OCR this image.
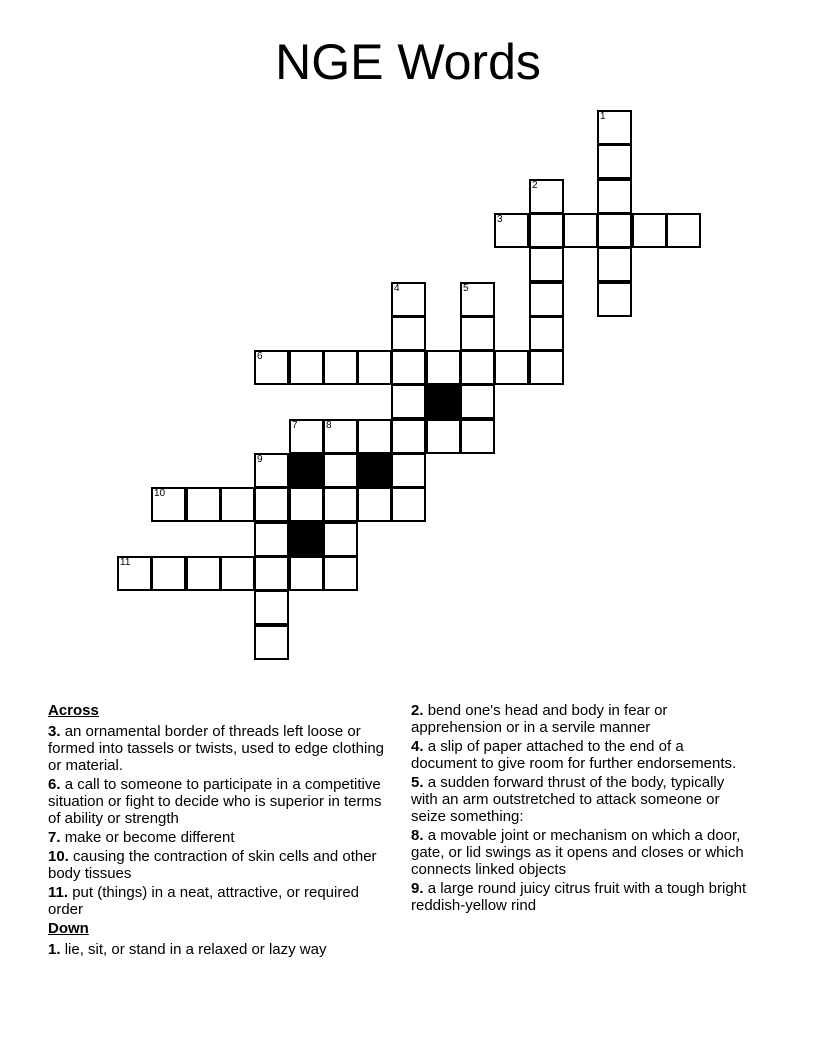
NGE Words
1
2
3
4	5
6
7	8
9
10
11
Across
3. an ornamental border of threads left loose or formed into tassels or twists, used to edge clothing or material.
6. a call to someone to participate in a competitive situation or fight to decide who is superior in terms of ability or strength
7. make or become different
10. causing the contraction of skin cells and other body tissues
11. put (things) in a neat, attractive, or required order
Down
1. lie, sit, or stand in a relaxed or lazy way
2. bend one's head and body in fear or apprehension or in a servile manner
4. a slip of paper attached to the end of a document to give room for further endorsements.
5. a sudden forward thrust of the body, typically with an arm outstretched to attack someone or seize something:
8. a movable joint or mechanism on which a door, gate, or lid swings as it opens and closes or which connects linked objects
9. a large round juicy citrus fruit with a tough bright reddish-yellow rind
